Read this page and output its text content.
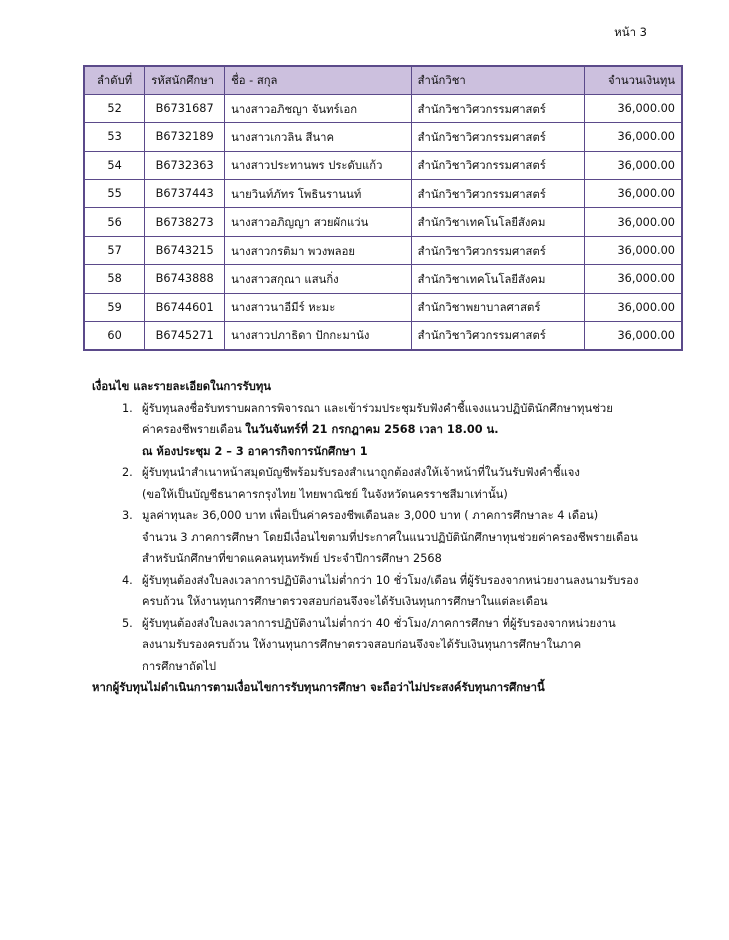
หน้า 3
ลำดับที่	รหัสนักศึกษา	ชื่อ - สกุล	สำนักวิชา	จำนวนเงินทุน
52	B6731687	นางสาวอภิชญา จันทร์เอก	สำนักวิชาวิศวกรรมศาสตร์	36,000.00
53	B6732189	นางสาวเกวลิน สีนาค	สำนักวิชาวิศวกรรมศาสตร์	36,000.00
54	B6732363	นางสาวประทานพร ประดับแก้ว	สำนักวิชาวิศวกรรมศาสตร์	36,000.00
55	B6737443	นายวินท์ภัทร โพธินรานนท์	สำนักวิชาวิศวกรรมศาสตร์	36,000.00
56	B6738273	นางสาวอภิญญา สวยผักแว่น	สำนักวิชาเทคโนโลยีสังคม	36,000.00
57	B6743215	นางสาวกรติมา พวงพลอย	สำนักวิชาวิศวกรรมศาสตร์	36,000.00
58	B6743888	นางสาวสกุณา แสนกิ่ง	สำนักวิชาเทคโนโลยีสังคม	36,000.00
59	B6744601	นางสาวนาอีมีร์ หะมะ	สำนักวิชาพยาบาลศาสตร์	36,000.00
60	B6745271	นางสาวปภาธิดา ปักกะมานัง	สำนักวิชาวิศวกรรมศาสตร์	36,000.00
เงื่อนไข และรายละเอียดในการรับทุน
1. ผู้รับทุนลงชื่อรับทราบผลการพิจารณา และเข้าร่วมประชุมรับฟังคำชี้แจงแนวปฏิบัตินักศึกษาทุนช่วย
ค่าครองชีพรายเดือน ในวันจันทร์ที่ 21 กรกฎาคม 2568 เวลา 18.00 น.
ณ ห้องประชุม 2 – 3 อาคารกิจการนักศึกษา 1
2. ผู้รับทุนนำสำเนาหน้าสมุดบัญชีพร้อมรับรองสำเนาถูกต้องส่งให้เจ้าหน้าที่ในวันรับฟังคำชี้แจง
(ขอให้เป็นบัญชีธนาคารกรุงไทย ไทยพาณิชย์ ในจังหวัดนครราชสีมาเท่านั้น)
3. มูลค่าทุนละ 36,000 บาท เพื่อเป็นค่าครองชีพเดือนละ 3,000 บาท ( ภาคการศึกษาละ 4 เดือน)
จำนวน 3 ภาคการศึกษา โดยมีเงื่อนไขตามที่ประกาศในแนวปฏิบัตินักศึกษาทุนช่วยค่าครองชีพรายเดือน
สำหรับนักศึกษาที่ขาดแคลนทุนทรัพย์ ประจำปีการศึกษา 2568
4. ผู้รับทุนต้องส่งใบลงเวลาการปฏิบัติงานไม่ต่ำกว่า 10 ชั่วโมง/เดือน ที่ผู้รับรองจากหน่วยงานลงนามรับรอง
ครบถ้วน ให้งานทุนการศึกษาตรวจสอบก่อนจึงจะได้รับเงินทุนการศึกษาในแต่ละเดือน
5. ผู้รับทุนต้องส่งใบลงเวลาการปฏิบัติงานไม่ต่ำกว่า 40 ชั่วโมง/ภาคการศึกษา ที่ผู้รับรองจากหน่วยงาน
ลงนามรับรองครบถ้วน ให้งานทุนการศึกษาตรวจสอบก่อนจึงจะได้รับเงินทุนการศึกษาในภาค
การศึกษาถัดไป
หากผู้รับทุนไม่ดำเนินการตามเงื่อนไขการรับทุนการศึกษา จะถือว่าไม่ประสงค์รับทุนการศึกษานี้
